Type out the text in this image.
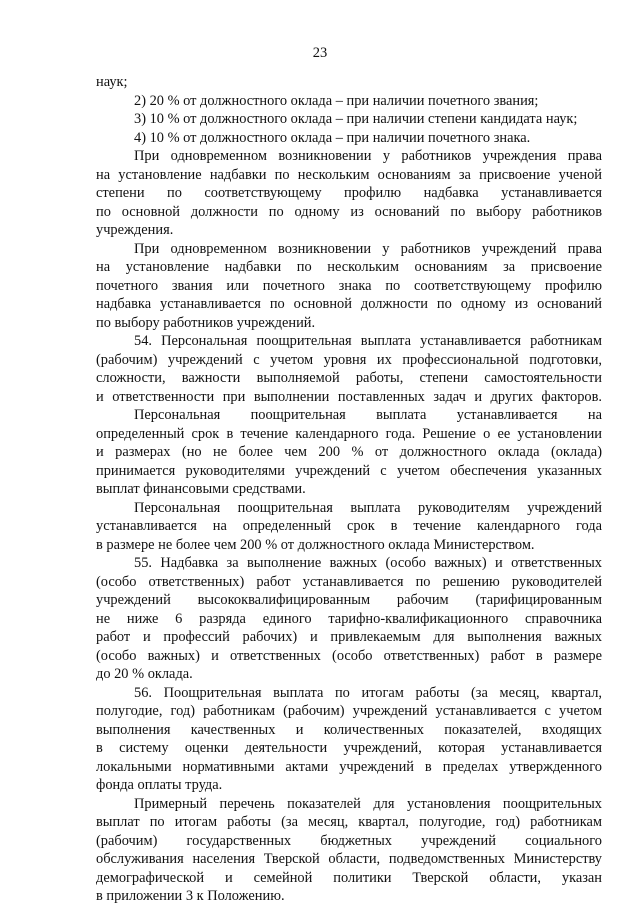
23
наук;
2) 20 % от должностного оклада – при наличии почетного звания;
3) 10 % от должностного оклада – при наличии степени кандидата наук;
4) 10 % от должностного оклада – при наличии почетного знака.
При одновременном возникновении у работников учреждения права
на установление надбавки по нескольким основаниям за присвоение ученой
степени по соответствующему профилю надбавка устанавливается
по основной должности по одному из оснований по выбору работников
учреждения.
При одновременном возникновении у работников учреждений права
на установление надбавки по нескольким основаниям за присвоение
почетного звания или почетного знака по соответствующему профилю
надбавка устанавливается по основной должности по одному из оснований
по выбору работников учреждений.
54. Персональная поощрительная выплата устанавливается работникам
(рабочим) учреждений с учетом уровня их профессиональной подготовки,
сложности, важности выполняемой работы, степени самостоятельности
и ответственности при выполнении поставленных задач и других факторов.
Персональная поощрительная выплата устанавливается на
определенный срок в течение календарного года. Решение о ее установлении
и размерах (но не более чем 200 % от должностного оклада (оклада)
принимается руководителями учреждений с учетом обеспечения указанных
выплат финансовыми средствами.
Персональная поощрительная выплата руководителям учреждений
устанавливается на определенный срок в течение календарного года
в размере не более чем 200 % от должностного оклада Министерством.
55. Надбавка за выполнение важных (особо важных) и ответственных
(особо ответственных) работ устанавливается по решению руководителей
учреждений высококвалифицированным рабочим (тарифицированным
не ниже 6 разряда единого тарифно-квалификационного справочника
работ и профессий рабочих) и привлекаемым для выполнения важных
(особо важных) и ответственных (особо ответственных) работ в размере
до 20 % оклада.
56. Поощрительная выплата по итогам работы (за месяц, квартал,
полугодие, год) работникам (рабочим) учреждений устанавливается с учетом
выполнения качественных и количественных показателей, входящих
в систему оценки деятельности учреждений, которая устанавливается
локальными нормативными актами учреждений в пределах утвержденного
фонда оплаты труда.
Примерный перечень показателей для установления поощрительных
выплат по итогам работы (за месяц, квартал, полугодие, год) работникам
(рабочим) государственных бюджетных учреждений социального
обслуживания населения Тверской области, подведомственных Министерству
демографической и семейной политики Тверской области, указан
в приложении 3 к Положению.
